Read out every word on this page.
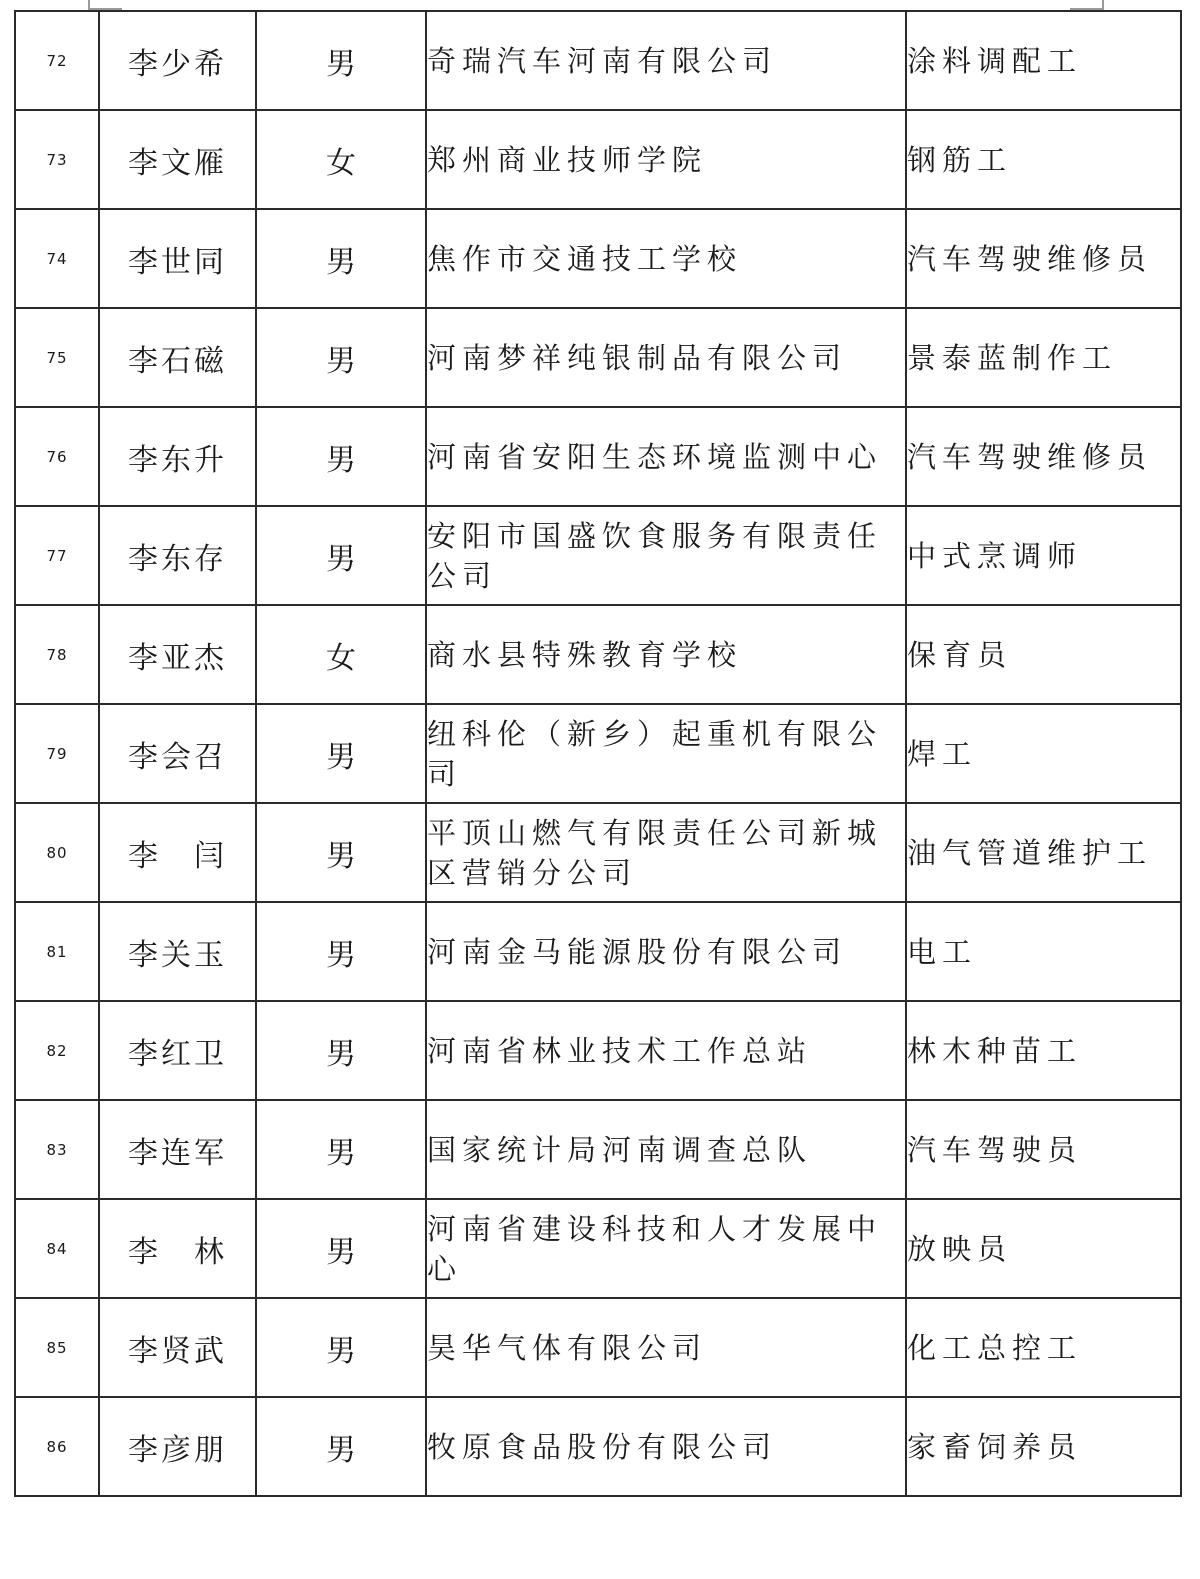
72	李少希	男	奇瑞汽车河南有限公司	涂料调配工
73	李文雁	女	郑州商业技师学院	钢筋工
74	李世同	男	焦作市交通技工学校	汽车驾驶维修员
75	李石磁	男	河南梦祥纯银制品有限公司	景泰蓝制作工
76	李东升	男	河南省安阳生态环境监测中心	汽车驾驶维修员
77	李东存	男	安阳市国盛饮食服务有限责任公司	中式烹调师
78	李亚杰	女	商水县特殊教育学校	保育员
79	李会召	男	纽科伦（新乡）起重机有限公司	焊工
80	李　闫	男	平顶山燃气有限责任公司新城区营销分公司	油气管道维护工
81	李关玉	男	河南金马能源股份有限公司	电工
82	李红卫	男	河南省林业技术工作总站	林木种苗工
83	李连军	男	国家统计局河南调查总队	汽车驾驶员
84	李　林	男	河南省建设科技和人才发展中心	放映员
85	李贤武	男	昊华气体有限公司	化工总控工
86	李彦朋	男	牧原食品股份有限公司	家畜饲养员
